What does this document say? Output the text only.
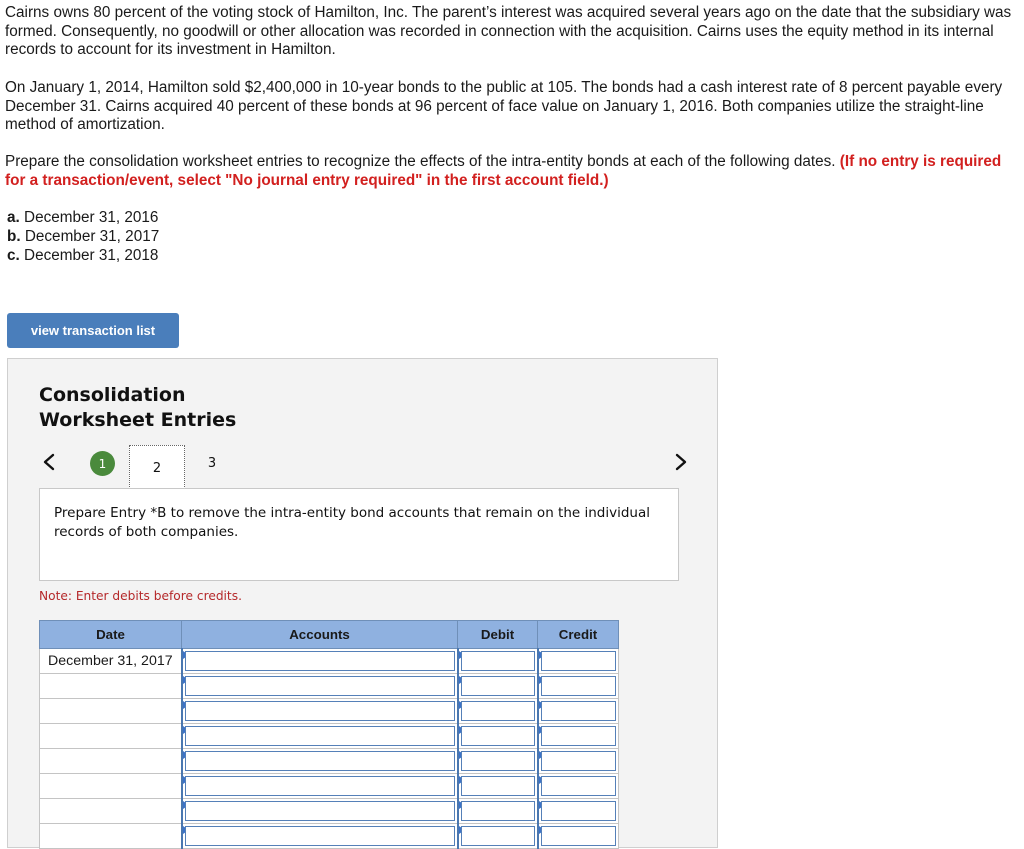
Cairns owns 80 percent of the voting stock of Hamilton, Inc. The parent’s interest was acquired several years ago on the date that the subsidiary was formed. Consequently, no goodwill or other allocation was recorded in connection with the acquisition. Cairns uses the equity method in its internal records to account for its investment in Hamilton.

On January 1, 2014, Hamilton sold $2,400,000 in 10-year bonds to the public at 105. The bonds had a cash interest rate of 8 percent payable every December 31. Cairns acquired 40 percent of these bonds at 96 percent of face value on January 1, 2016. Both companies utilize the straight-line method of amortization.

Prepare the consolidation worksheet entries to recognize the effects of the intra-entity bonds at each of the following dates. (If no entry is required for a transaction/event, select "No journal entry required" in the first account field.)

a. December 31, 2016
b. December 31, 2017
c. December 31, 2018
view transaction list
Consolidation
Worksheet Entries
1	2	3
Prepare Entry *B to remove the intra-entity bond accounts that remain on the individual records of both companies.
Note: Enter debits before credits.
Date	Accounts	Debit	Credit
December 31, 2017	
